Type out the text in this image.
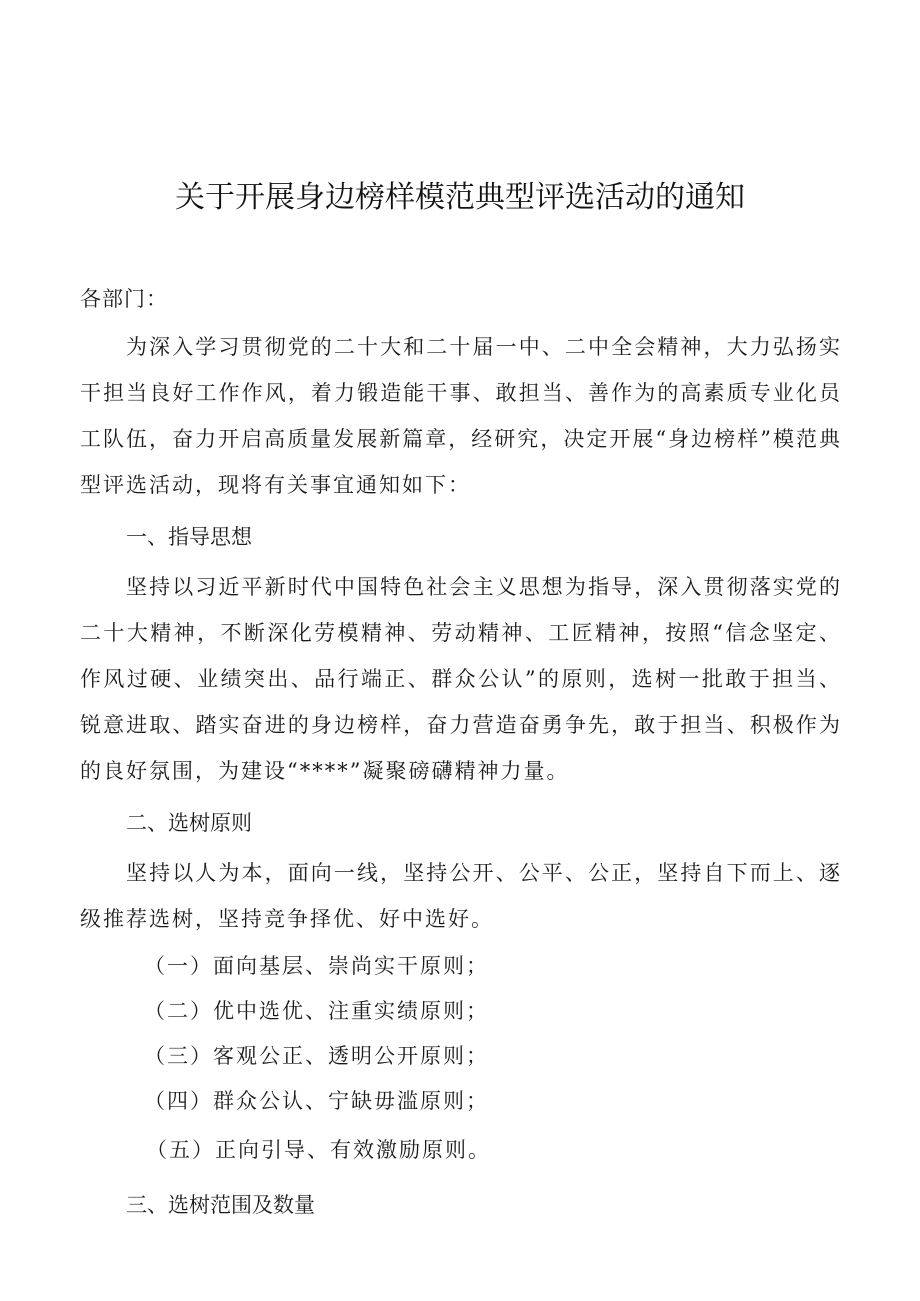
关于开展身边榜样模范典型评选活动的通知

各部门：

为深入学习贯彻党的二十大和二十届一中、二中全会精神，大力弘扬实干担当良好工作作风，着力锻造能干事、敢担当、善作为的高素质专业化员工队伍，奋力开启高质量发展新篇章，经研究，决定开展“身边榜样”模范典型评选活动，现将有关事宜通知如下：

一、指导思想

坚持以习近平新时代中国特色社会主义思想为指导，深入贯彻落实党的二十大精神，不断深化劳模精神、劳动精神、工匠精神，按照“信念坚定、作风过硬、业绩突出、品行端正、群众公认”的原则，选树一批敢于担当、锐意进取、踏实奋进的身边榜样，奋力营造奋勇争先，敢于担当、积极作为的良好氛围，为建设“****”凝聚磅礴精神力量。

二、选树原则

坚持以人为本，面向一线，坚持公开、公平、公正，坚持自下而上、逐级推荐选树，坚持竞争择优、好中选好。

（一）面向基层、崇尚实干原则；
（二）优中选优、注重实绩原则；
（三）客观公正、透明公开原则；
（四）群众公认、宁缺毋滥原则；
（五）正向引导、有效激励原则。
三、选树范围及数量
